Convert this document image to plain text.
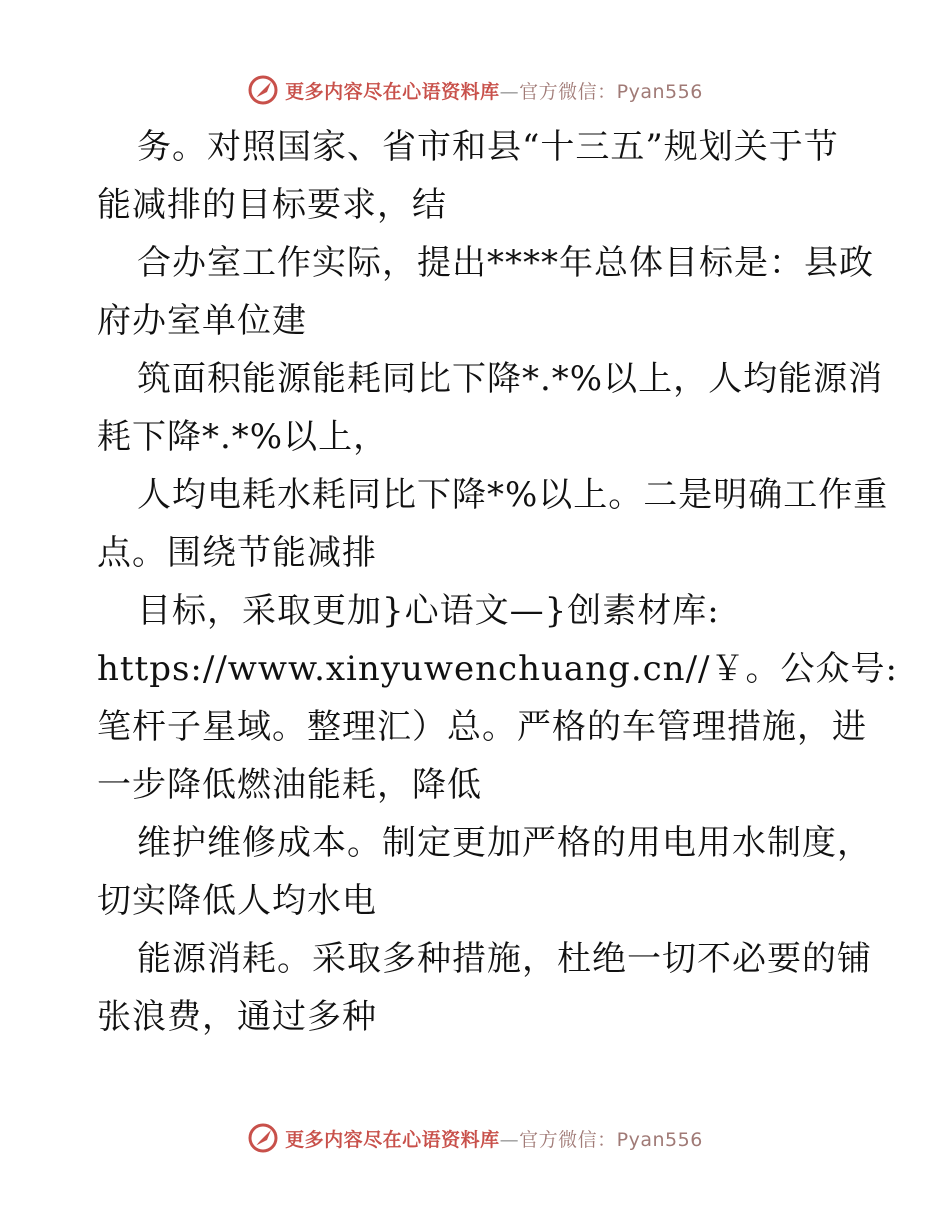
更多内容尽在心语资料库—官方微信：Pyan556
务。对照国家、省市和县“十三五”规划关于节
能减排的目标要求，结
合办室工作实际，提出****年总体目标是：县政
府办室单位建
筑面积能源能耗同比下降*.*%以上，人均能源消
耗下降*.*%以上，
人均电耗水耗同比下降*%以上。二是明确工作重
点。围绕节能减排
目标，采取更加}心语文—}创素材库:
https://www.xinyuwenchuang.cn//￥。公众号:
笔杆子星域。整理汇）总。严格的车管理措施，进
一步降低燃油能耗，降低
维护维修成本。制定更加严格的用电用水制度，
切实降低人均水电
能源消耗。采取多种措施，杜绝一切不必要的铺
张浪费，通过多种
更多内容尽在心语资料库—官方微信：Pyan556
